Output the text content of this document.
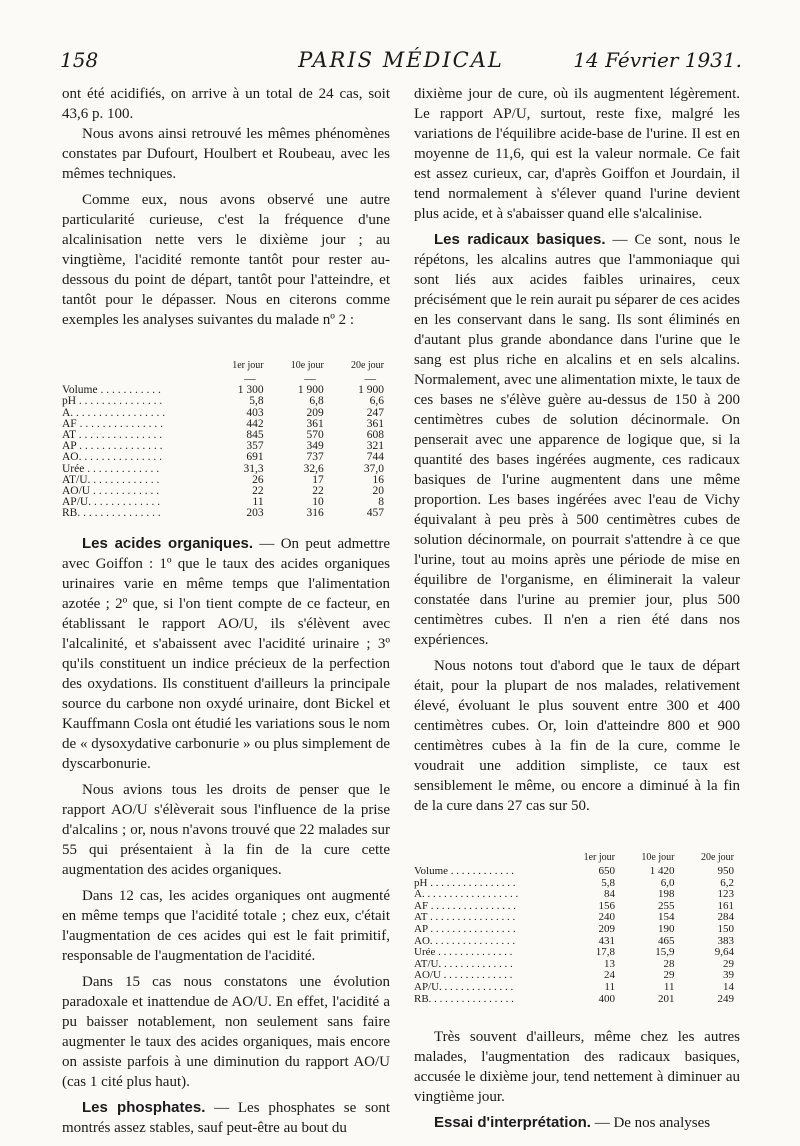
158	PARIS MÉDICAL	14 Février 1931.

ont été acidifiés, on arrive à un total de 24 cas, soit 43,6 p. 100.

Nous avons ainsi retrouvé les mêmes phénomènes constates par Dufourt, Houlbert et Roubeau, avec les mêmes techniques.

Comme eux, nous avons observé une autre particularité curieuse, c'est la fréquence d'une alcalinisation nette vers le dixième jour ; au vingtième, l'acidité remonte tantôt pour rester au-dessous du point de départ, tantôt pour l'atteindre, et tantôt pour le dépasser. Nous en citerons comme exemples les analyses suivantes du malade nº 2 :

	1er jour	10e jour	20e jour
	—	—	—
Volume . . . . . . . . . . .	1 300	1 900	1 900
pH . . . . . . . . . . . . . . .	5,8	6,8	6,6
A. . . . . . . . . . . . . . . . .	403	209	247
AF . . . . . . . . . . . . . . .	442	361	361
AT . . . . . . . . . . . . . . .	845	570	608
AP . . . . . . . . . . . . . . .	357	349	321
AO. . . . . . . . . . . . . . .	691	737	744
Urée . . . . . . . . . . . . .	31,3	32,6	37,0
AT/U. . . . . . . . . . . . .	26	17	16
AO/U . . . . . . . . . . . .	22	22	20
AP/U. . . . . . . . . . . . .	11	10	8
RB. . . . . . . . . . . . . . .	203	316	457

Les acides organiques. — On peut admettre avec Goiffon : 1º que le taux des acides organiques urinaires varie en même temps que l'alimentation azotée ; 2º que, si l'on tient compte de ce facteur, en établissant le rapport AO/U, ils s'élèvent avec l'alcalinité, et s'abaissent avec l'acidité urinaire ; 3º qu'ils constituent un indice précieux de la perfection des oxydations. Ils constituent d'ailleurs la principale source du carbone non oxydé urinaire, dont Bickel et Kauffmann Cosla ont étudié les variations sous le nom de « dysoxydative carbonurie » ou plus simplement de dyscarbonurie.

Nous avions tous les droits de penser que le rapport AO/U s'élèverait sous l'influence de la prise d'alcalins ; or, nous n'avons trouvé que 22 malades sur 55 qui présentaient à la fin de la cure cette augmentation des acides organiques.

Dans 12 cas, les acides organiques ont augmenté en même temps que l'acidité totale ; chez eux, c'était l'augmentation de ces acides qui est le fait primitif, responsable de l'augmentation de l'acidité.

Dans 15 cas nous constatons une évolution paradoxale et inattendue de AO/U. En effet, l'acidité a pu baisser notablement, non seulement sans faire augmenter le taux des acides organiques, mais encore on assiste parfois à une diminution du rapport AO/U (cas 1 cité plus haut).

Les phosphates. — Les phosphates se sont montrés assez stables, sauf peut-être au bout du

dixième jour de cure, où ils augmentent légèrement. Le rapport AP/U, surtout, reste fixe, malgré les variations de l'équilibre acide-base de l'urine. Il est en moyenne de 11,6, qui est la valeur normale. Ce fait est assez curieux, car, d'après Goiffon et Jourdain, il tend normalement à s'élever quand l'urine devient plus acide, et à s'abaisser quand elle s'alcalinise.

Les radicaux basiques. — Ce sont, nous le répétons, les alcalins autres que l'ammoniaque qui sont liés aux acides faibles urinaires, ceux précisément que le rein aurait pu séparer de ces acides en les conservant dans le sang. Ils sont éliminés en d'autant plus grande abondance dans l'urine que le sang est plus riche en alcalins et en sels alcalins. Normalement, avec une alimentation mixte, le taux de ces bases ne s'élève guère au-dessus de 150 à 200 centimètres cubes de solution décinormale. On penserait avec une apparence de logique que, si la quantité des bases ingérées augmente, ces radicaux basiques de l'urine augmentent dans une même proportion. Les bases ingérées avec l'eau de Vichy équivalant à peu près à 500 centimètres cubes de solution décinormale, on pourrait s'attendre à ce que l'urine, tout au moins après une période de mise en équilibre de l'organisme, en éliminerait la valeur constatée dans l'urine au premier jour, plus 500 centimètres cubes. Il n'en a rien été dans nos expériences.

Nous notons tout d'abord que le taux de départ était, pour la plupart de nos malades, relativement élevé, évoluant le plus souvent entre 300 et 400 centimètres cubes. Or, loin d'atteindre 800 et 900 centimètres cubes à la fin de la cure, comme le voudrait une addition simpliste, ce taux est sensiblement le même, ou encore a diminué à la fin de la cure dans 27 cas sur 50.

	1er jour	10e jour	20e jour
Volume . . . . . . . . . . . .	650	1 420	950
pH . . . . . . . . . . . . . . . .	5,8	6,0	6,2
A. . . . . . . . . . . . . . . . . .	84	198	123
AF . . . . . . . . . . . . . . . .	156	255	161
AT . . . . . . . . . . . . . . . .	240	154	284
AP . . . . . . . . . . . . . . . .	209	190	150
AO. . . . . . . . . . . . . . . .	431	465	383
Urée . . . . . . . . . . . . . .	17,8	15,9	9,64
AT/U. . . . . . . . . . . . . .	13	28	29
AO/U . . . . . . . . . . . . .	24	29	39
AP/U. . . . . . . . . . . . . .	11	11	14
RB. . . . . . . . . . . . . . . .	400	201	249

Très souvent d'ailleurs, même chez les autres malades, l'augmentation des radicaux basiques, accusée le dixième jour, tend nettement à diminuer au vingtième jour.

Essai d'interprétation. — De nos analyses
